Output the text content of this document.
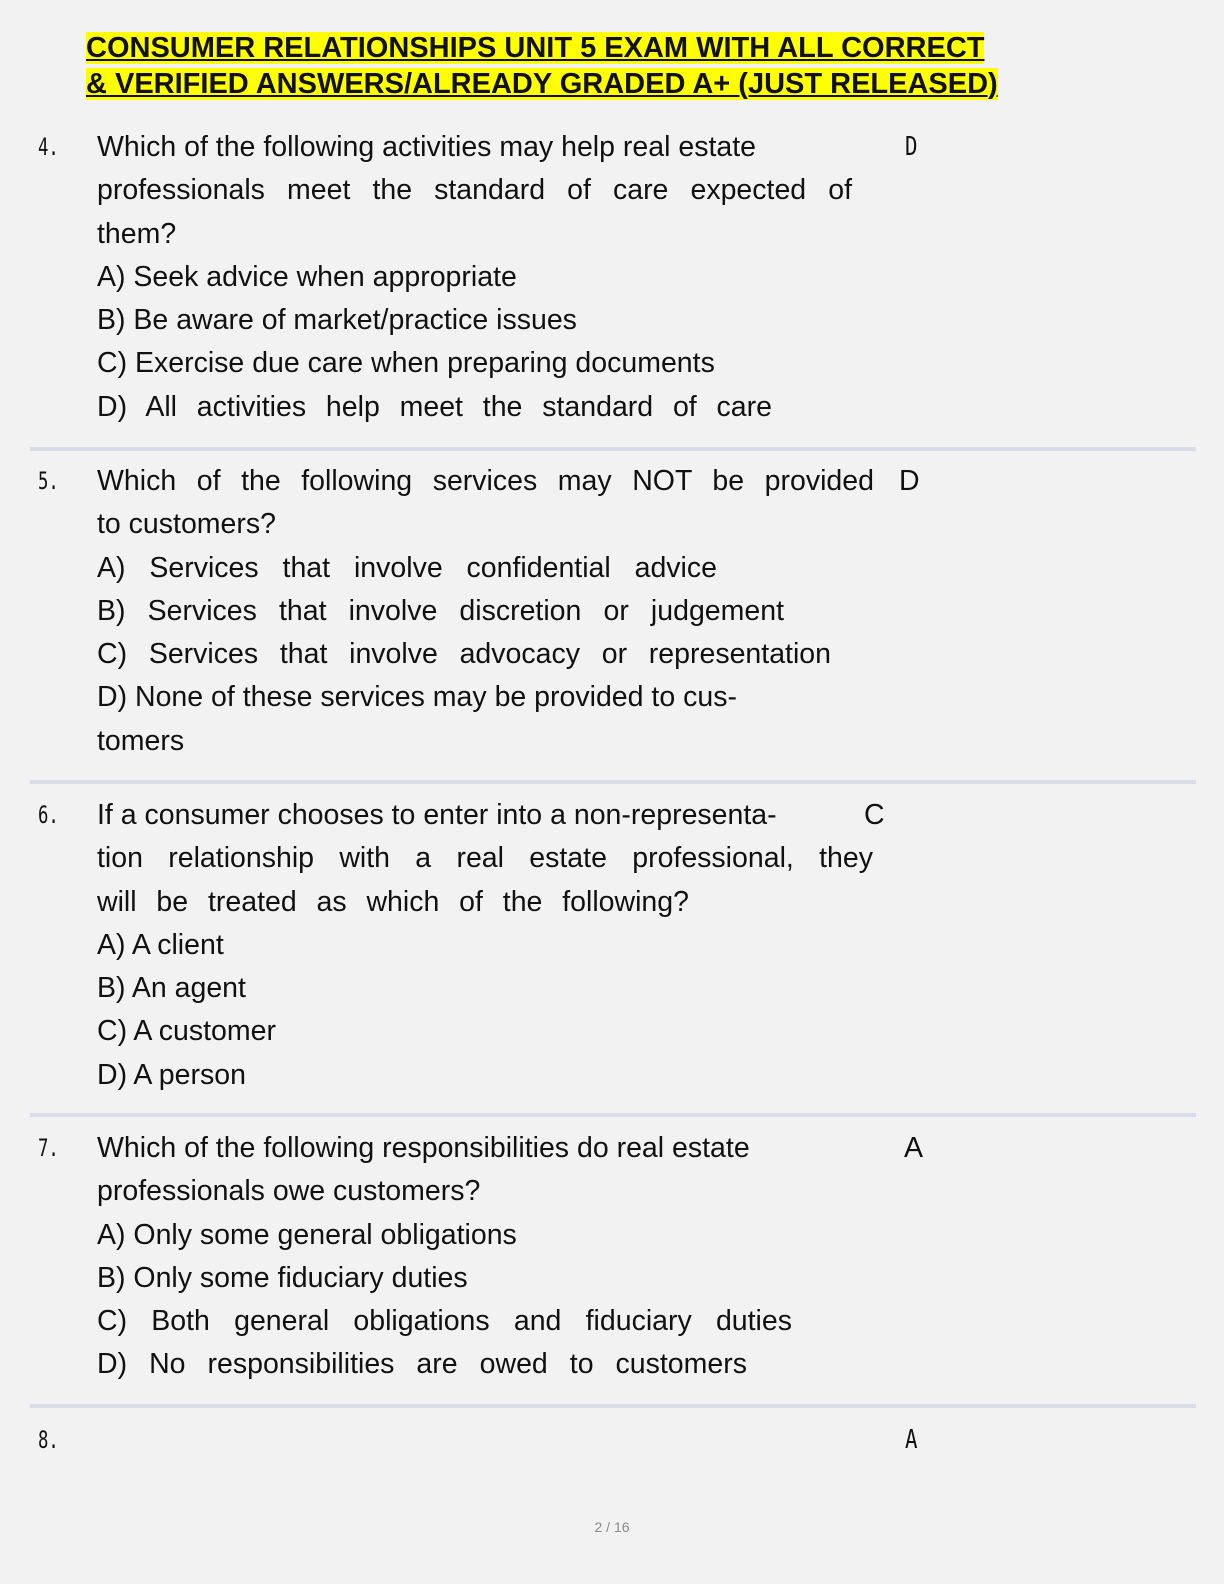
CONSUMER RELATIONSHIPS UNIT 5 EXAM WITH ALL CORRECT
& VERIFIED ANSWERS/ALREADY GRADED A+ (JUST RELEASED)
4. Which of the following activities may help real estate
professionals meet the standard of care expected of
them?
A) Seek advice when appropriate
B) Be aware of market/practice issues
C) Exercise due care when preparing documents
D) All activities help meet the standard of care
D
5. Which of the following services may NOT be provided
to customers?
A) Services that involve confidential advice
B) Services that involve discretion or judgement
C) Services that involve advocacy or representation
D) None of these services may be provided to cus-
tomers
D
6. If a consumer chooses to enter into a non-representa-
tion relationship with a real estate professional, they
will be treated as which of the following?
A) A client
B) An agent
C) A customer
D) A person
C
7. Which of the following responsibilities do real estate
professionals owe customers?
A) Only some general obligations
B) Only some fiduciary duties
C) Both general obligations and fiduciary duties
D) No responsibilities are owed to customers
A
8.	A
2 / 16
